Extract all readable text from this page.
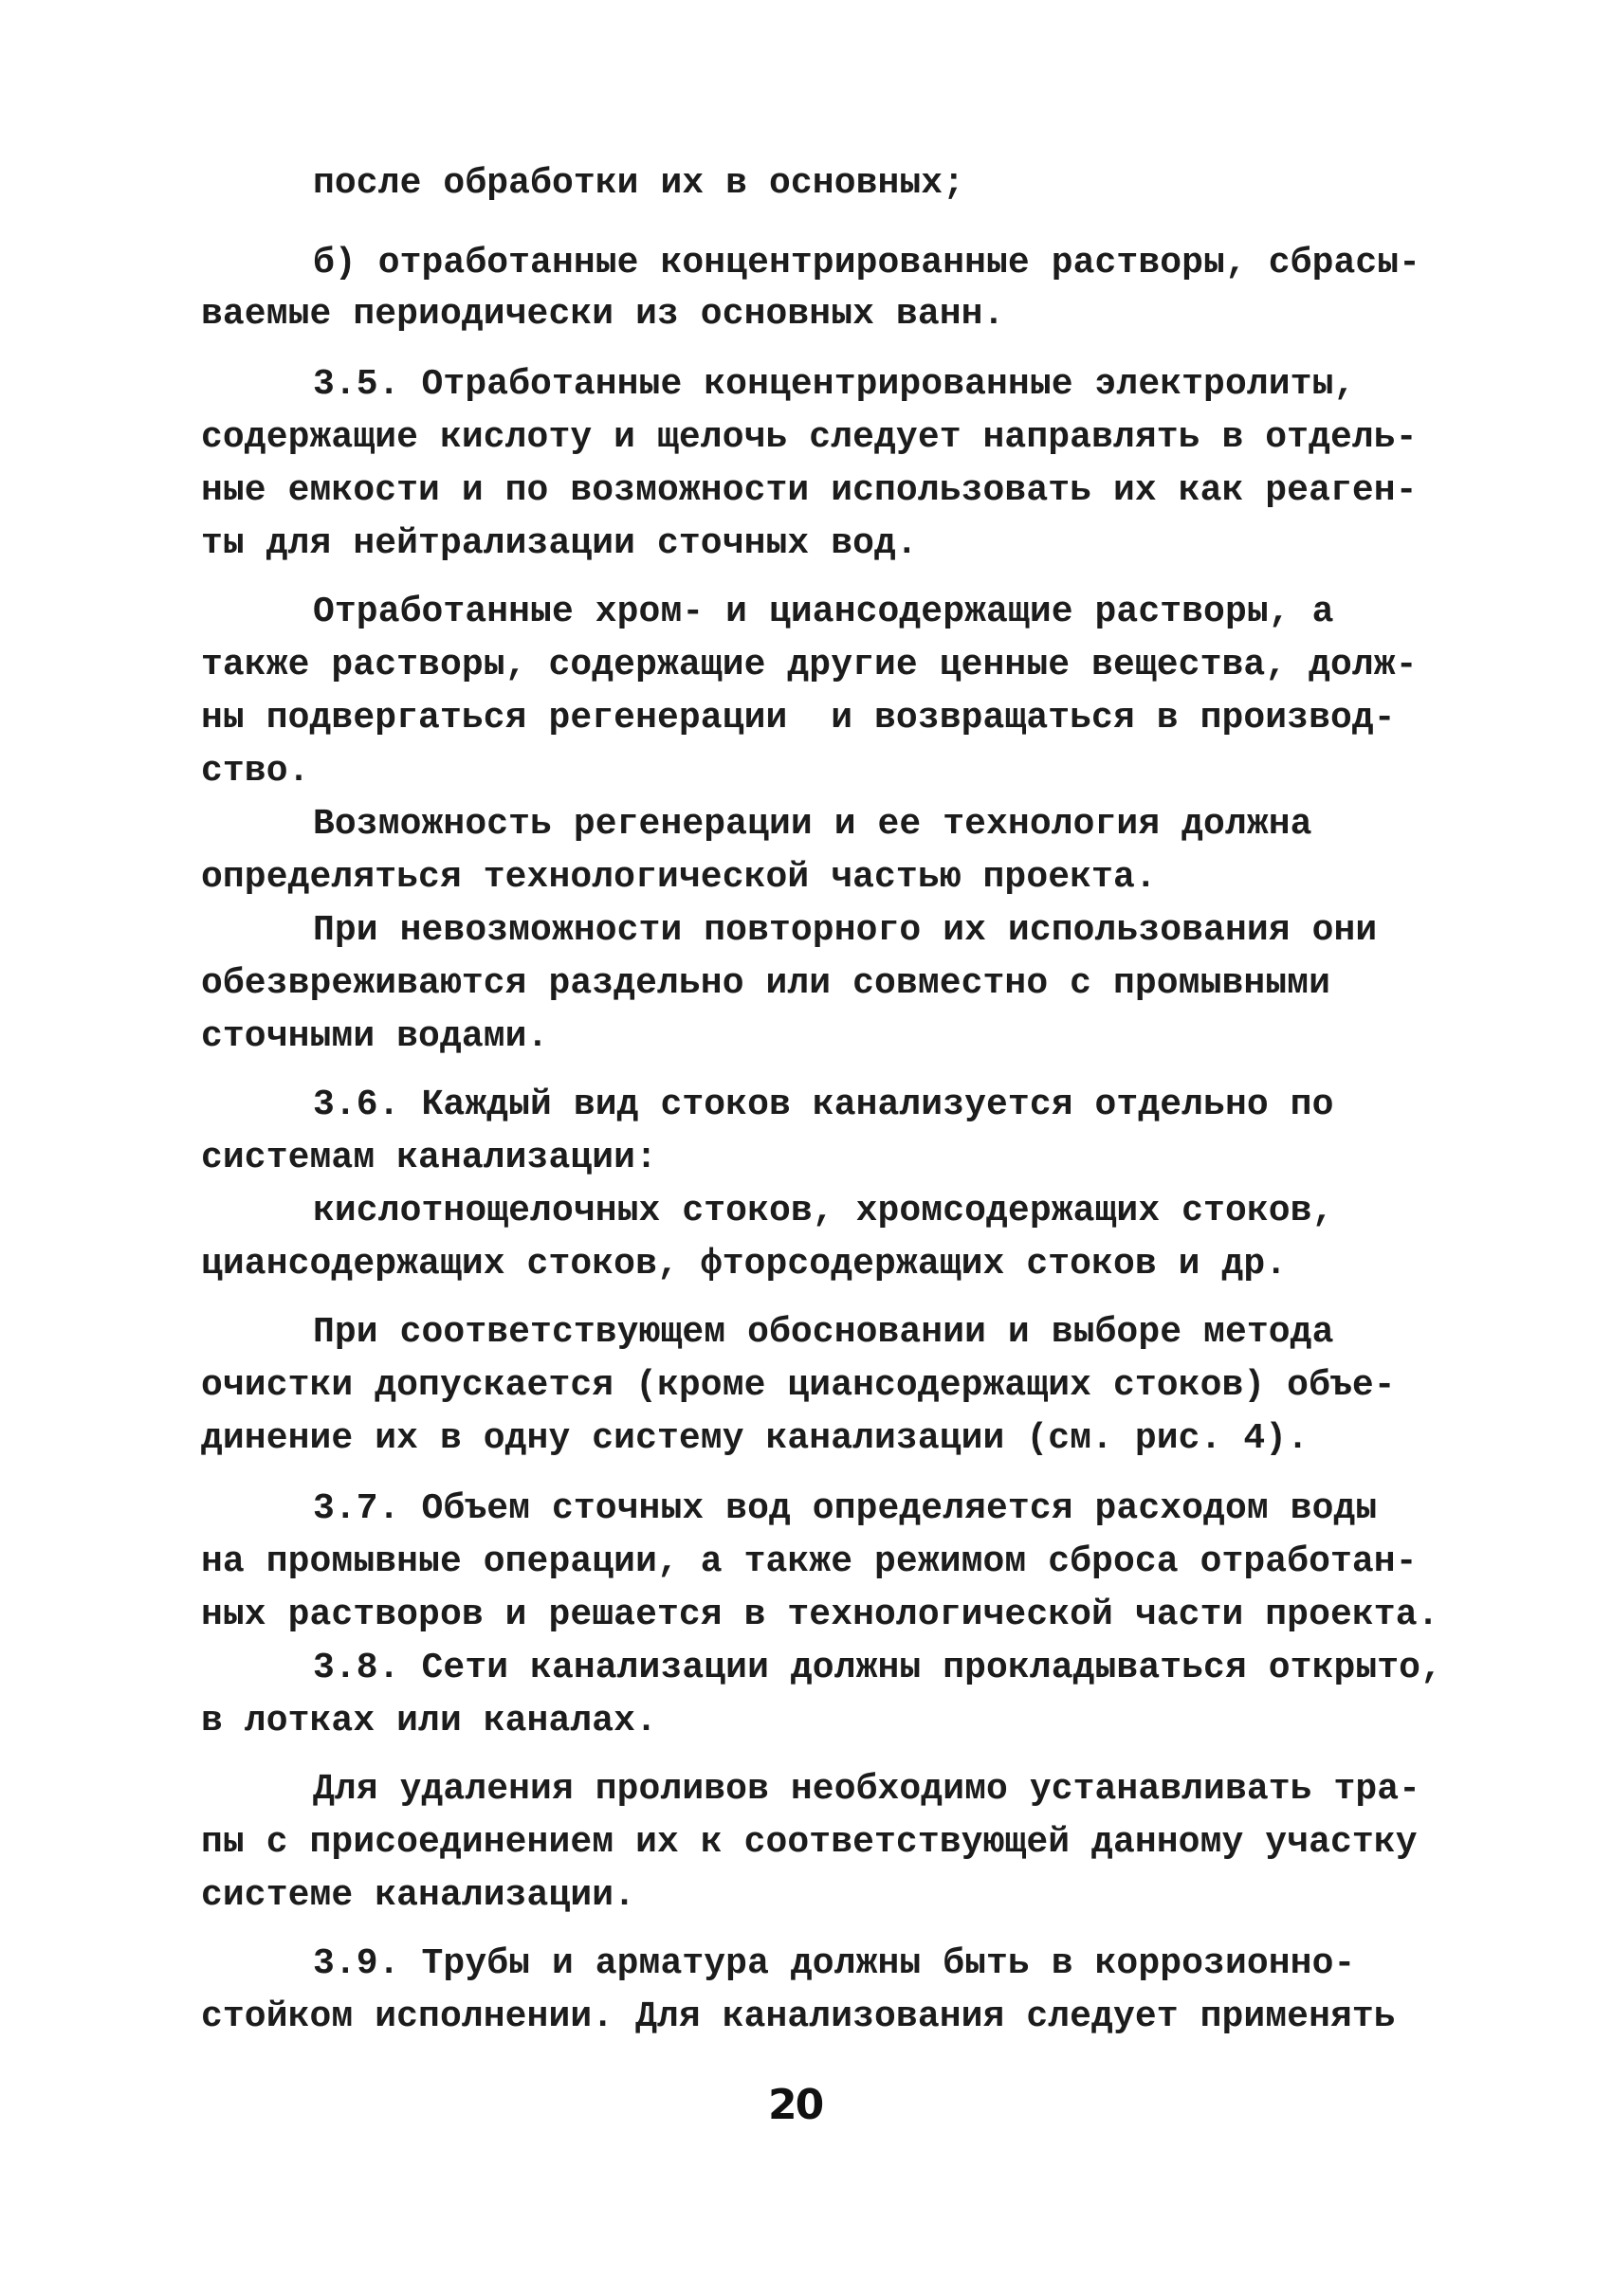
после обработки их в основных;
б) отработанные концентрированные растворы, сбрасы-
ваемые периодически из основных ванн.
3.5. Отработанные концентрированные электролиты,
содержащие кислоту и щелочь следует направлять в отдель-
ные емкости и по возможности использовать их как реаген-
ты для нейтрализации сточных вод.
Отработанные хром- и циансодержащие растворы, а
также растворы, содержащие другие ценные вещества, долж-
ны подвергаться регенерации  и возвращаться в производ-
ство.
Возможность регенерации и ее технология должна
определяться технологической частью проекта.
При невозможности повторного их использования они
обезвреживаются раздельно или совместно с промывными
сточными водами.
3.6. Каждый вид стоков канализуется отдельно по
системам канализации:
кислотнощелочных стоков, хромсодержащих стоков,
циансодержащих стоков, фторсодержащих стоков и др.
При соответствующем обосновании и выборе метода
очистки допускается (кроме циансодержащих стоков) объе-
динение их в одну систему канализации (см. рис. 4).
3.7. Объем сточных вод определяется расходом воды
на промывные операции, а также режимом сброса отработан-
ных растворов и решается в технологической части проекта.
3.8. Сети канализации должны прокладываться открыто,
в лотках или каналах.
Для удаления проливов необходимо устанавливать тра-
пы с присоединением их к соответствующей данному участку
системе канализации.
3.9. Трубы и арматура должны быть в коррозионно-
стойком исполнении. Для канализования следует применять
20
